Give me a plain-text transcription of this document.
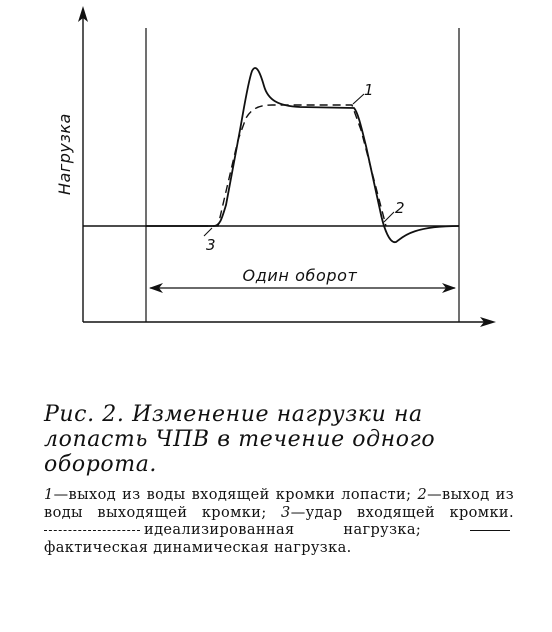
Нагрузка
Один оборот
1
2
3

Рис. 2. Изменение нагрузки на лопасть ЧПВ в течение одного оборота.

1—выход из воды входящей кромки лопасти; 2—выход из воды выходящей кромки; 3—удар входящей кромки. идеализированная нагрузка; фактическая динамическая нагрузка.
